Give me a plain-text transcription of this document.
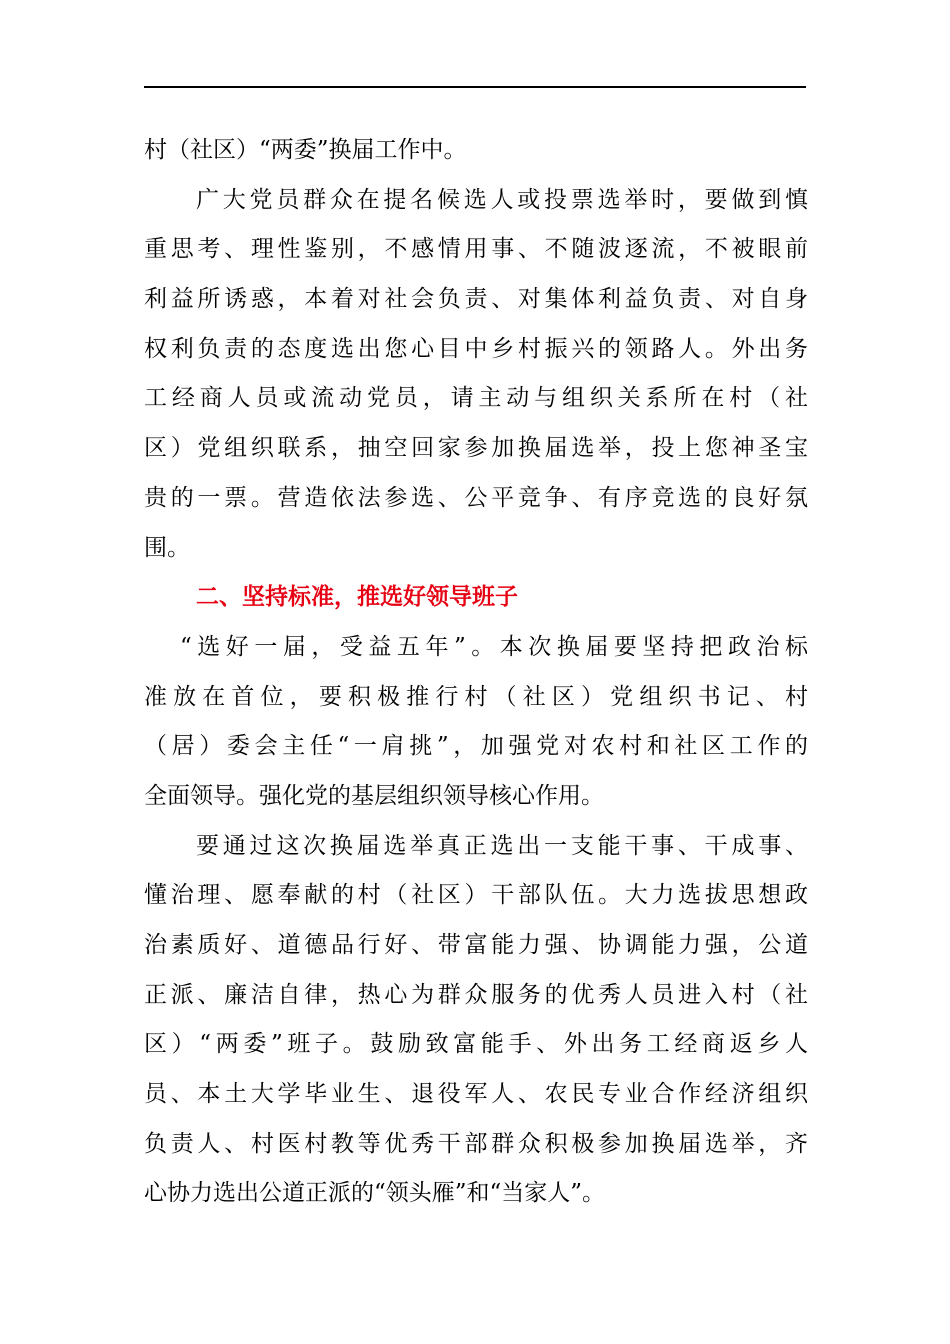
村（社区）“两委”换届工作中。
广大党员群众在提名候选人或投票选举时，要做到慎
重思考、理性鉴别，不感情用事、不随波逐流，不被眼前
利益所诱惑，本着对社会负责、对集体利益负责、对自身
权利负责的态度选出您心目中乡村振兴的领路人。外出务
工经商人员或流动党员，请主动与组织关系所在村（社
区）党组织联系，抽空回家参加换届选举，投上您神圣宝
贵的一票。营造依法参选、公平竞争、有序竞选的良好氛
围。
二、坚持标准，推选好领导班子
“选好一届，受益五年”。本次换届要坚持把政治标
准放在首位，要积极推行村（社区）党组织书记、村
（居）委会主任“一肩挑”，加强党对农村和社区工作的
全面领导。强化党的基层组织领导核心作用。
要通过这次换届选举真正选出一支能干事、干成事、
懂治理、愿奉献的村（社区）干部队伍。大力选拔思想政
治素质好、道德品行好、带富能力强、协调能力强，公道
正派、廉洁自律，热心为群众服务的优秀人员进入村（社
区）“两委”班子。鼓励致富能手、外出务工经商返乡人
员、本土大学毕业生、退役军人、农民专业合作经济组织
负责人、村医村教等优秀干部群众积极参加换届选举，齐
心协力选出公道正派的“领头雁”和“当家人”。
